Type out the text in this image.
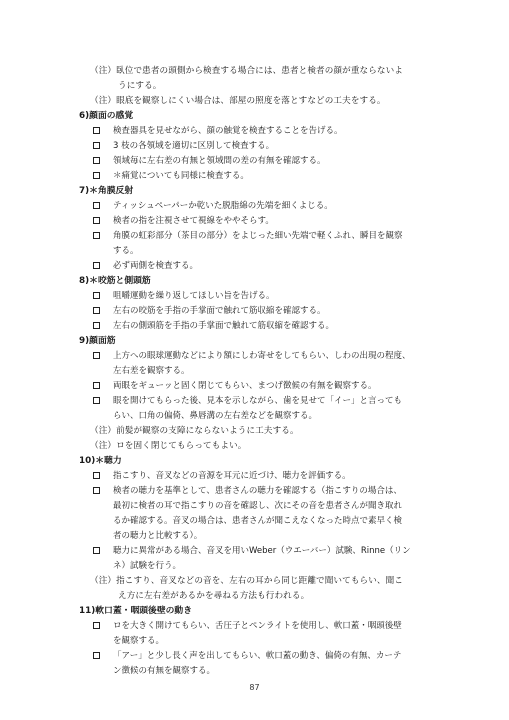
（注）臥位で患者の頭側から検査する場合には、患者と検者の顔が重ならないよ
うにする。
（注）眼底を観察しにくい場合は、部屋の照度を落とすなどの工夫をする。
6)顔面の感覚
検査器具を見せながら、顔の触覚を検査することを告げる。
3 枝の各領域を適切に区別して検査する。
領域毎に左右差の有無と領域間の差の有無を確認する。
＊痛覚についても同様に検査する。
7)＊角膜反射
ティッシュペーパーか乾いた脱脂綿の先端を細くよじる。
検者の指を注視させて視線をややそらす。
角膜の虹彩部分（茶目の部分）をよじった細い先端で軽くふれ、瞬目を観察
する。
必ず両側を検査する。
8)＊咬筋と側頭筋
咀嚼運動を繰り返してほしい旨を告げる。
左右の咬筋を手指の手掌面で触れて筋収縮を確認する。
左右の側頭筋を手指の手掌面で触れて筋収縮を確認する。
9)顔面筋
上方への眼球運動などにより額にしわ寄せをしてもらい、しわの出現の程度、
左右差を観察する。
両眼をギューッと固く閉じてもらい、まつげ徴候の有無を観察する。
眼を開けてもらった後、見本を示しながら、歯を見せて「イー」と言っても
らい、口角の偏倚、鼻唇溝の左右差などを観察する。
（注）前髪が観察の支障にならないように工夫する。
（注）ロを固く閉じてもらってもよい。
10)＊聴力
指こすり、音叉などの音源を耳元に近づけ、聴力を評価する。
検者の聴力を基準として、患者さんの聴力を確認する（指こすりの場合は、
最初に検者の耳で指こすりの音を確認し、次にその音を患者さんが聞き取れ
るか確認する。音叉の場合は、患者さんが聞こえなくなった時点で素早く検
者の聴力と比較する）。
聴力に異常がある場合、音叉を用いWeber（ウエーバー）試験、Rinne（リン
ネ）試験を行う。
（注）指こすり、音叉などの音を、左右の耳から同じ距離で聞いてもらい、聞こ
え方に左右差があるかを尋ねる方法も行われる。
11)軟口蓋・咽頭後壁の動き
ロを大きく開けてもらい、舌圧子とペンライトを使用し、軟口蓋・咽頭後壁
を観察する。
「アー」と少し長く声を出してもらい、軟口蓋の動き、偏倚の有無、カーテ
ン徴候の有無を観察する。
87
